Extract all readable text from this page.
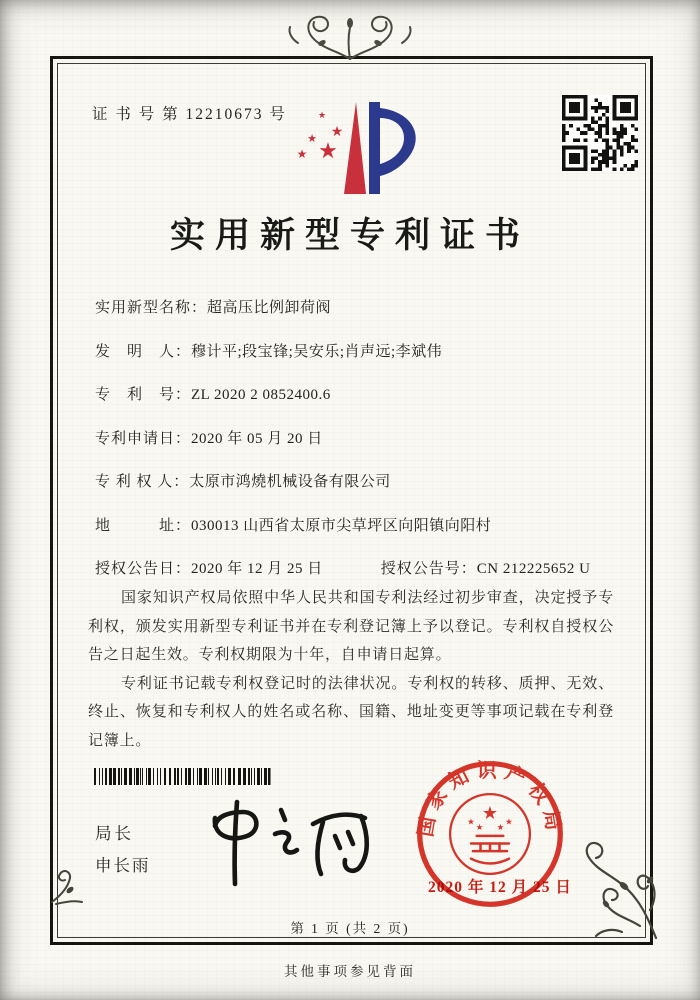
证 书 号 第 12210673 号
★
★
★
★
★
实用新型专利证书
实用新型名称：超高压比例卸荷阀
发　明　人：穆计平;段宝锋;吴安乐;肖声远;李斌伟
专　利　号：ZL 2020 2 0852400.6
专利申请日：2020 年 05 月 20 日
专 利 权 人：太原市鸿燒机械设备有限公司
地　　　址：030013 山西省太原市尖草坪区向阳镇向阳村
授权公告日：2020 年 12 月 25 日	授权公告号：CN 212225652 U

国家知识产权局依照中华人民共和国专利法经过初步审查，决定授予专利权，颁发实用新型专利证书并在专利登记簿上予以登记。专利权自授权公告之日起生效。专利权期限为十年，自申请日起算。

专利证书记载专利权登记时的法律状况。专利权的转移、质押、无效、终止、恢复和专利权人的姓名或名称、国籍、地址变更等事项记载在专利登记簿上。

局长
申长雨
国家知识产权局
★
★
★ ★
★
2020 年 12 月 25 日
第 1 页 (共 2 页)
其他事项参见背面
